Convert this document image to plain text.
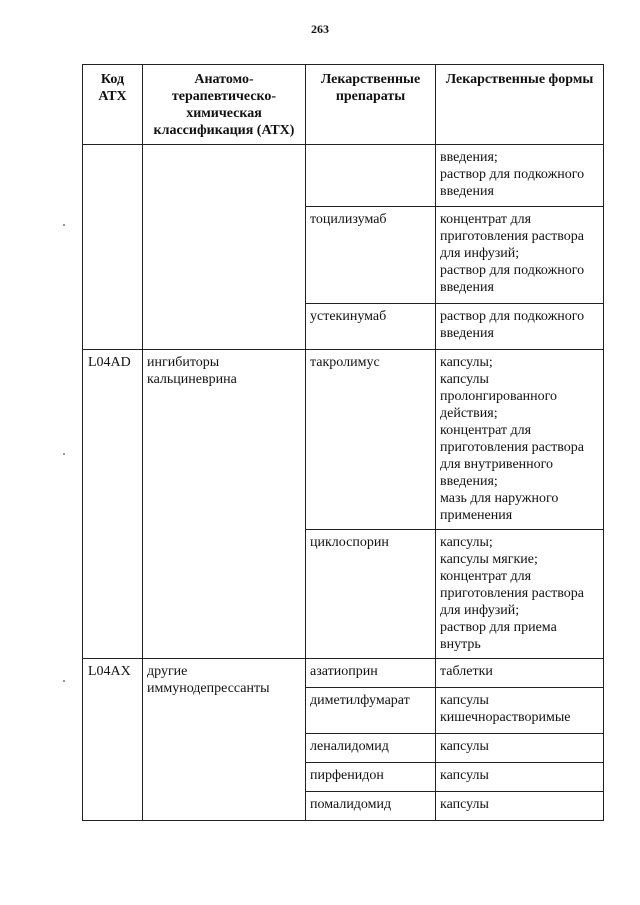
263
Код АТХ	Анатомо-терапевтическо-химическая классификация (АТХ)	Лекарственные препараты	Лекарственные формы

			введения;
раствор для подкожного введения

		тоцилизумаб	концентрат для приготовления раствора для инфузий;
раствор для подкожного введения

		устекинумаб	раствор для подкожного введения

L04AD	ингибиторы кальциневрина	такролимус	капсулы;
капсулы пролонгированного действия;
концентрат для приготовления раствора для внутривенного введения;
мазь для наружного применения

		циклоспорин	капсулы;
капсулы мягкие;
концентрат для приготовления раствора для инфузий;
раствор для приема внутрь

L04AX	другие иммунодепрессанты	азатиоприн	таблетки

		диметилфумарат	капсулы кишечнорастворимые

		леналидомид	капсулы

		пирфенидон	капсулы

		помалидомид	капсулы
